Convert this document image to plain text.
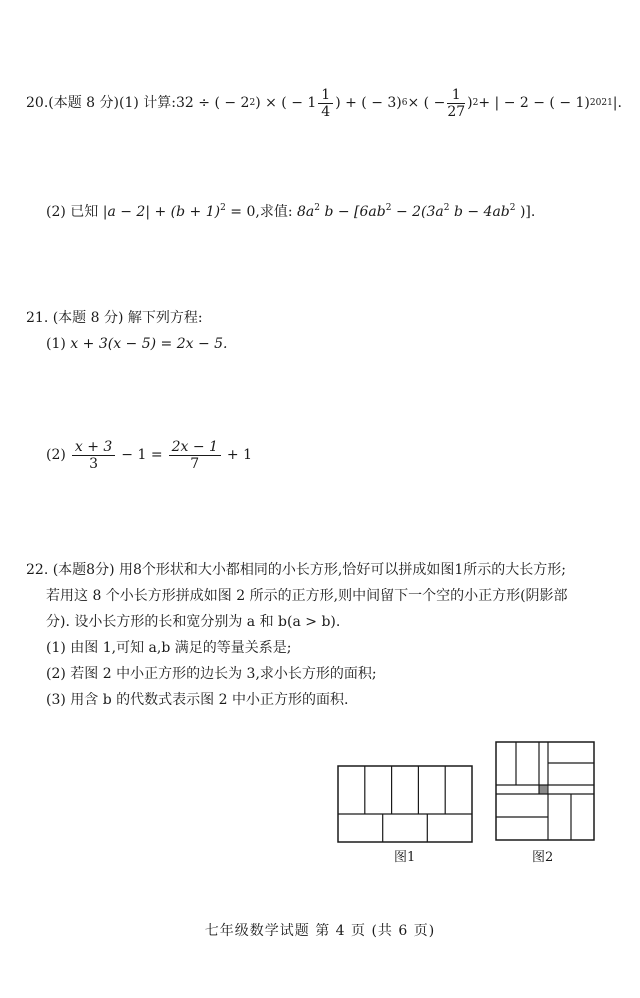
20. (本题 8 分) (1) 计算: 32 ÷ ( − 2 2 ) × ( − $1 \frac{1}{4}$ ) + ( − 3) 6 × ( − $\frac{1}{27}$ ) 2 + | − 2 − ( − 1) 2021 |.
(2) 已知 $|a - 2| + (b + 1)^2 = 0$,求值: $8a^2$ $b - [6ab^2 - 2(3a^2$ $b - 4ab^2$ )].
21. (本题 8 分) 解下列方程:
(1) x + 3(x − 5) = 2x − 5.
$(2) \frac{x + 3}{3} - 1 = \frac{2x - 1}{7} + 1$
22. (本题8分) 用8个形状和大小都相同的小长方形,恰好可以拼成如图1所示的大长方形;
若用这 8 个小长方形拼成如图 2 所示的正方形,则中间留下一个空的小正方形(阴影部
分). 设小长方形的长和宽分别为 a 和 b(a > b).
(1) 由图 1,可知 a,b 满足的等量关系是;
(2) 若图 2 中小正方形的边长为 3,求小长方形的面积;
(3) 用含 b 的代数式表示图 2 中小正方形的面积.
图1	图2
七年级数学试题 第 4 页 (共 6 页)
